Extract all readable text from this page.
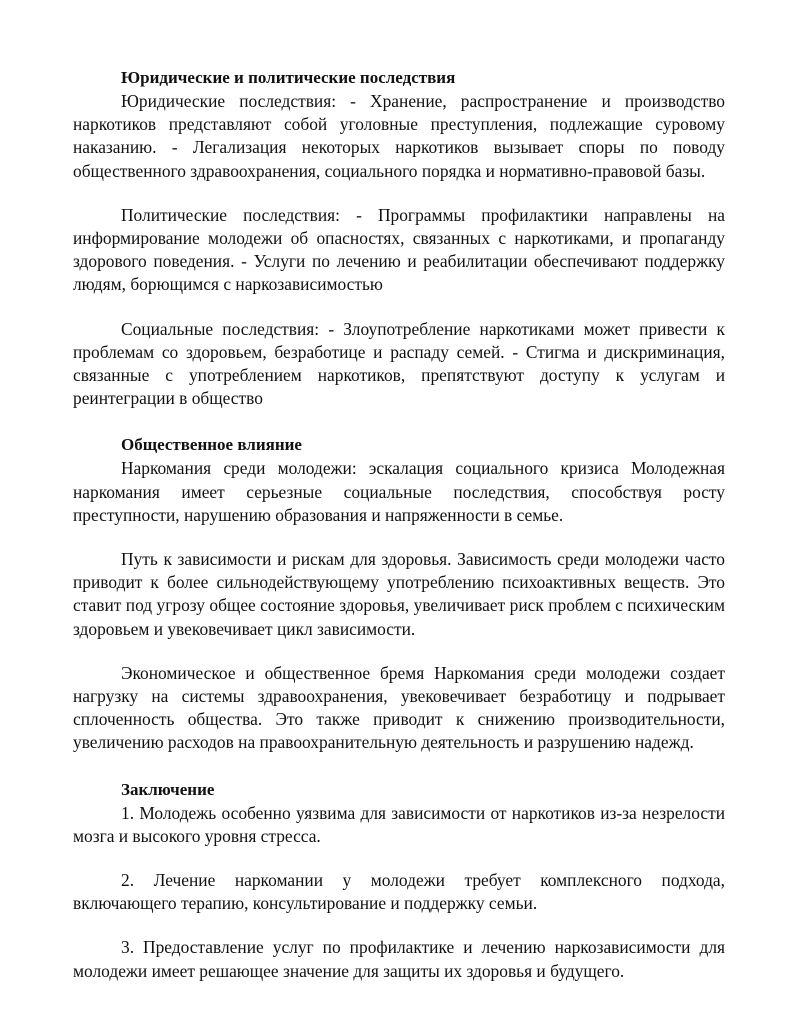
Юридические и политические последствия

Юридические последствия: - Хранение, распространение и производство наркотиков представляют собой уголовные преступления, подлежащие суровому наказанию. - Легализация некоторых наркотиков вызывает споры по поводу общественного здравоохранения, социального порядка и нормативно-правовой базы.

Политические последствия: - Программы профилактики направлены на информирование молодежи об опасностях, связанных с наркотиками, и пропаганду здорового поведения. - Услуги по лечению и реабилитации обеспечивают поддержку людям, борющимся с наркозависимостью

Социальные последствия: - Злоупотребление наркотиками может привести к проблемам со здоровьем, безработице и распаду семей. - Стигма и дискриминация, связанные с употреблением наркотиков, препятствуют доступу к услугам и реинтеграции в общество

Общественное влияние

Наркомания среди молодежи: эскалация социального кризиса Молодежная наркомания имеет серьезные социальные последствия, способствуя росту преступности, нарушению образования и напряженности в семье.

Путь к зависимости и рискам для здоровья. Зависимость среди молодежи часто приводит к более сильнодействующему употреблению психоактивных веществ. Это ставит под угрозу общее состояние здоровья, увеличивает риск проблем с психическим здоровьем и увековечивает цикл зависимости.

Экономическое и общественное бремя Наркомания среди молодежи создает нагрузку на системы здравоохранения, увековечивает безработицу и подрывает сплоченность общества. Это также приводит к снижению производительности, увеличению расходов на правоохранительную деятельность и разрушению надежд.

Заключение

1. Молодежь особенно уязвима для зависимости от наркотиков из-за незрелости мозга и высокого уровня стресса.

2. Лечение наркомании у молодежи требует комплексного подхода, включающего терапию, консультирование и поддержку семьи.

3. Предоставление услуг по профилактике и лечению наркозависимости для молодежи имеет решающее значение для защиты их здоровья и будущего.
